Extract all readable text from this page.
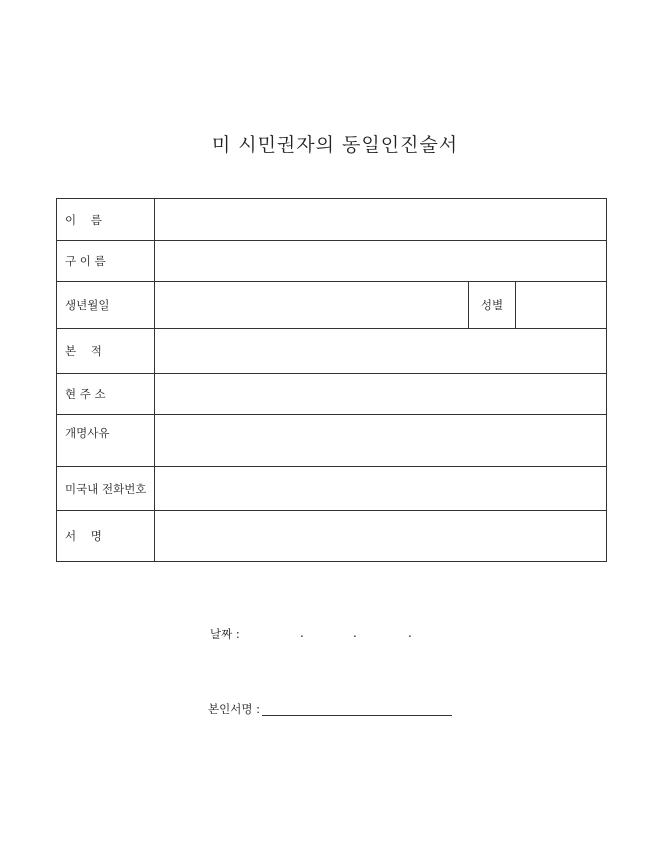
미 시민권자의 동일인진술서
이    름			
구 이 름			
생년월일		성별	
본    적			
현 주 소			
개명사유			
미국내 전화번호			
서    명			
날짜 :	.	.	.
본인서명 :
